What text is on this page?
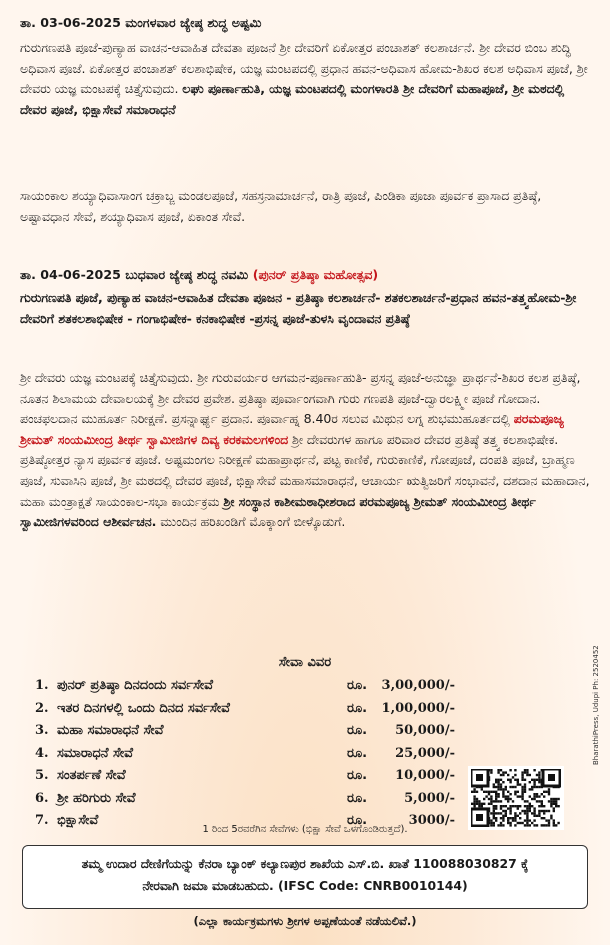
ತಾ. 03-06-2025 ಮಂಗಳವಾರ ಜ್ಯೇಷ್ಠ ಶುದ್ಧ ಅಷ್ಟಮಿ
ಗುರುಗಣಪತಿ ಪೂಜೆ-ಪುಣ್ಯಾಹ ವಾಚನ-ಆವಾಹಿತ ದೇವತಾ ಪೂಜನೆ ಶ್ರೀ ದೇವರಿಗೆ ಏಕೋತ್ತರ ಪಂಚಾಶತ್ ಕಲಶಾರ್ಚನೆ. ಶ್ರೀ ದೇವರ ಬಿಂಬ ಶುದ್ಧಿ ಅಧಿವಾಸ ಪೂಜೆ. ಏಕೋತ್ತರ ಪಂಚಾಶತ್ ಕಲಶಾಭಿಷೇಕ, ಯಜ್ಞ ಮಂಟಪದಲ್ಲಿ ಪ್ರಧಾನ ಹವನ-ಅಧಿವಾಸ ಹೋಮ-ಶಿಖರ ಕಲಶ ಅಧಿವಾಸ ಪೂಜೆ, ಶ್ರೀ ದೇವರು ಯಜ್ಞ ಮಂಟಪಕ್ಕೆ ಚಿತ್ತೈಸುವುದು. ಲಘು ಪೂರ್ಣಾಹುತಿ, ಯಜ್ಞ ಮಂಟಪದಲ್ಲಿ ಮಂಗಳಾರತಿ ಶ್ರೀ ದೇವರಿಗೆ ಮಹಾಪೂಜೆ, ಶ್ರೀ ಮಠದಲ್ಲಿ ದೇವರ ಪೂಜೆ, ಭಿಕ್ಷಾಸೇವೆ ಸಮಾರಾಧನೆ
ಸಾಯಂಕಾಲ ಶಯ್ಯಾಧಿವಾಸಾಂಗ ಚಕ್ರಾಬ್ಜ ಮಂಡಲಪೂಜೆ, ಸಹಸ್ರನಾಮಾರ್ಚನೆ, ರಾತ್ರಿ ಪೂಜೆ, ಪಿಂಡಿಕಾ ಪೂಜಾ ಪೂರ್ವಕ ಪ್ರಾಸಾದ ಪ್ರತಿಷ್ಠೆ, ಅಷ್ಟಾವಧಾನ ಸೇವೆ, ಶಯ್ಯಾಧಿವಾಸ ಪೂಜೆ, ಏಕಾಂತ ಸೇವೆ.
ತಾ. 04-06-2025 ಬುಧವಾರ ಜ್ಯೇಷ್ಠ ಶುದ್ಧ ನವಮಿ (ಪುನರ್ ಪ್ರತಿಷ್ಠಾ ಮಹೋತ್ಸವ)
ಗುರುಗಣಪತಿ ಪೂಜೆ, ಪುಣ್ಯಾಹ ವಾಚನ-ಆವಾಹಿತ ದೇವತಾ ಪೂಜನ - ಪ್ರತಿಷ್ಠಾ ಕಲಶಾರ್ಚನೆ- ಶತಕಲಶಾರ್ಚನೆ-ಪ್ರಧಾನ ಹವನ-ತತ್ತ್ವಹೋಮ-ಶ್ರೀ ದೇವರಿಗೆ ಶತಕಲಶಾಭಿಷೇಕ - ಗಂಗಾಭಿಷೇಕ- ಕನಕಾಭಿಷೇಕ -ಪ್ರಸನ್ನ ಪೂಜೆ-ತುಳಸಿ ವೃಂದಾವನ ಪ್ರತಿಷ್ಠೆ
ಶ್ರೀ ದೇವರು ಯಜ್ಞ ಮಂಟಪಕ್ಕೆ ಚಿತ್ತೈಸುವುದು. ಶ್ರೀ ಗುರುವರ್ಯರ ಆಗಮನ-ಪೂರ್ಣಾಹುತಿ- ಪ್ರಸನ್ನ ಪೂಜೆ-ಅನುಜ್ಞಾ ಪ್ರಾರ್ಥನೆ-ಶಿಖರ ಕಲಶ ಪ್ರತಿಷ್ಠೆ, ನೂತನ ಶಿಲಾಮಯ ದೇವಾಲಯಕ್ಕೆ ಶ್ರೀ ದೇವರ ಪ್ರವೇಶ. ಪ್ರತಿಷ್ಠಾ ಪೂರ್ವಾಂಗವಾಗಿ ಗುರು ಗಣಪತಿ ಪೂಜೆ-ದ್ವಾರಲಕ್ಷ್ಮೀ ಪೂಜೆ ಗೋದಾನ. ಪಂಚಫಲದಾನ ಮುಹೂರ್ತ ನಿರೀಕ್ಷಣೆ. ಪ್ರಸನ್ನಾರ್ಘ್ಯ ಪ್ರದಾನ. ಪೂರ್ವಾಹ್ನ 8.40ರ ಸಲುವ ಮಿಥುನ ಲಗ್ನ ಶುಭಮುಹೂರ್ತದಲ್ಲಿ ಪರಮಪೂಜ್ಯ ಶ್ರೀಮತ್ ಸಂಯಮೀಂದ್ರ ತೀರ್ಥ ಸ್ವಾಮೀಜಿಗಳ ದಿವ್ಯ ಕರಕಮಲಗಳಿಂದ ಶ್ರೀ ದೇವರುಗಳ ಹಾಗೂ ಪರಿವಾರ ದೇವರ ಪ್ರತಿಷ್ಠೆ ತತ್ತ್ವ ಕಲಶಾಭಿಷೇಕ. ಪ್ರತಿಷ್ಠೋತ್ತರ ನ್ಯಾಸ ಪೂರ್ವಕ ಪೂಜೆ. ಅಷ್ಟಮಂಗಲ ನಿರೀಕ್ಷಣೆ ಮಹಾಪ್ರಾರ್ಥನೆ, ಪಟ್ಟ ಕಾಣಿಕೆ, ಗುರುಕಾಣಿಕೆ, ಗೋಪೂಜೆ, ದಂಪತಿ ಪೂಜೆ, ಬ್ರಾಹ್ಮಣ ಪೂಜೆ, ಸುವಾಸಿನಿ ಪೂಜೆ, ಶ್ರೀ ಮಠದಲ್ಲಿ ದೇವರ ಪೂಜೆ, ಭಿಕ್ಷಾಸೇವೆ ಮಹಾಸಮಾರಾಧನೆ, ಆಚಾರ್ಯ ಋತ್ವಿಜರಿಗೆ ಸಂಭಾವನೆ, ದಶದಾನ ಮಹಾದಾನ, ಮಹಾ ಮಂತ್ರಾಕ್ಷತೆ ಸಾಯಂಕಾಲ-ಸಭಾ ಕಾರ್ಯಕ್ರಮ ಶ್ರೀ ಸಂಸ್ಥಾನ ಕಾಶೀಮಠಾಧೀಶರಾದ ಪರಮಪೂಜ್ಯ ಶ್ರೀಮತ್ ಸಂಯಮೀಂದ್ರ ತೀರ್ಥ ಸ್ವಾಮೀಜಿಗಳವರಿಂದ ಆಶೀರ್ವಚನ. ಮುಂದಿನ ಹರಿಖಂಡಿಗೆ ಮೊಕ್ಕಾಂಗೆ ಬೀಳ್ಕೊಡುಗೆ.
ಸೇವಾ ವಿವರ
1. ಪುನರ್ ಪ್ರತಿಷ್ಠಾ ದಿನದಂದು ಸರ್ವಸೇವೆ	ರೂ. 3,00,000/-
2. ಇತರ ದಿನಗಳಲ್ಲಿ ಒಂದು ದಿನದ ಸರ್ವಸೇವೆ	ರೂ. 1,00,000/-
3. ಮಹಾ ಸಮಾರಾಧನೆ ಸೇವೆ	ರೂ. 50,000/-
4. ಸಮಾರಾಧನೆ ಸೇವೆ	ರೂ. 25,000/-
5. ಸಂತರ್ಪಣೆ ಸೇವೆ	ರೂ. 10,000/-
6. ಶ್ರೀ ಹರಿಗುರು ಸೇವೆ	ರೂ.	5,000/-
7. ಭಿಕ್ಷಾಸೇವೆ	ರೂ.	3000/-
1 ರಿಂದ 5ರವರೆಗಿನ ಸೇವೆಗಳು (ಭಿಕ್ಷಾ ಸೇವೆ ಒಳಗೊಂಡಿರುತ್ತದೆ).
BharathiPress, Udupi Ph: 2520452
ತಮ್ಮ ಉದಾರ ದೇಣಿಗೆಯನ್ನು ಕೆನರಾ ಬ್ಯಾಂಕ್ ಕಲ್ಯಾಣಪುರ ಶಾಖೆಯ ಎಸ್.ಬಿ. ಖಾತೆ 110088030827 ಕ್ಕೆ
ನೇರವಾಗಿ ಜಮಾ ಮಾಡಬಹುದು. (IFSC Code: CNRB0010144)
(ಎಲ್ಲಾ ಕಾರ್ಯಕ್ರಮಗಳು ಶ್ರೀಗಳ ಅಪ್ಪಣೆಯಂತೆ ನಡೆಯಲಿವೆ.)
